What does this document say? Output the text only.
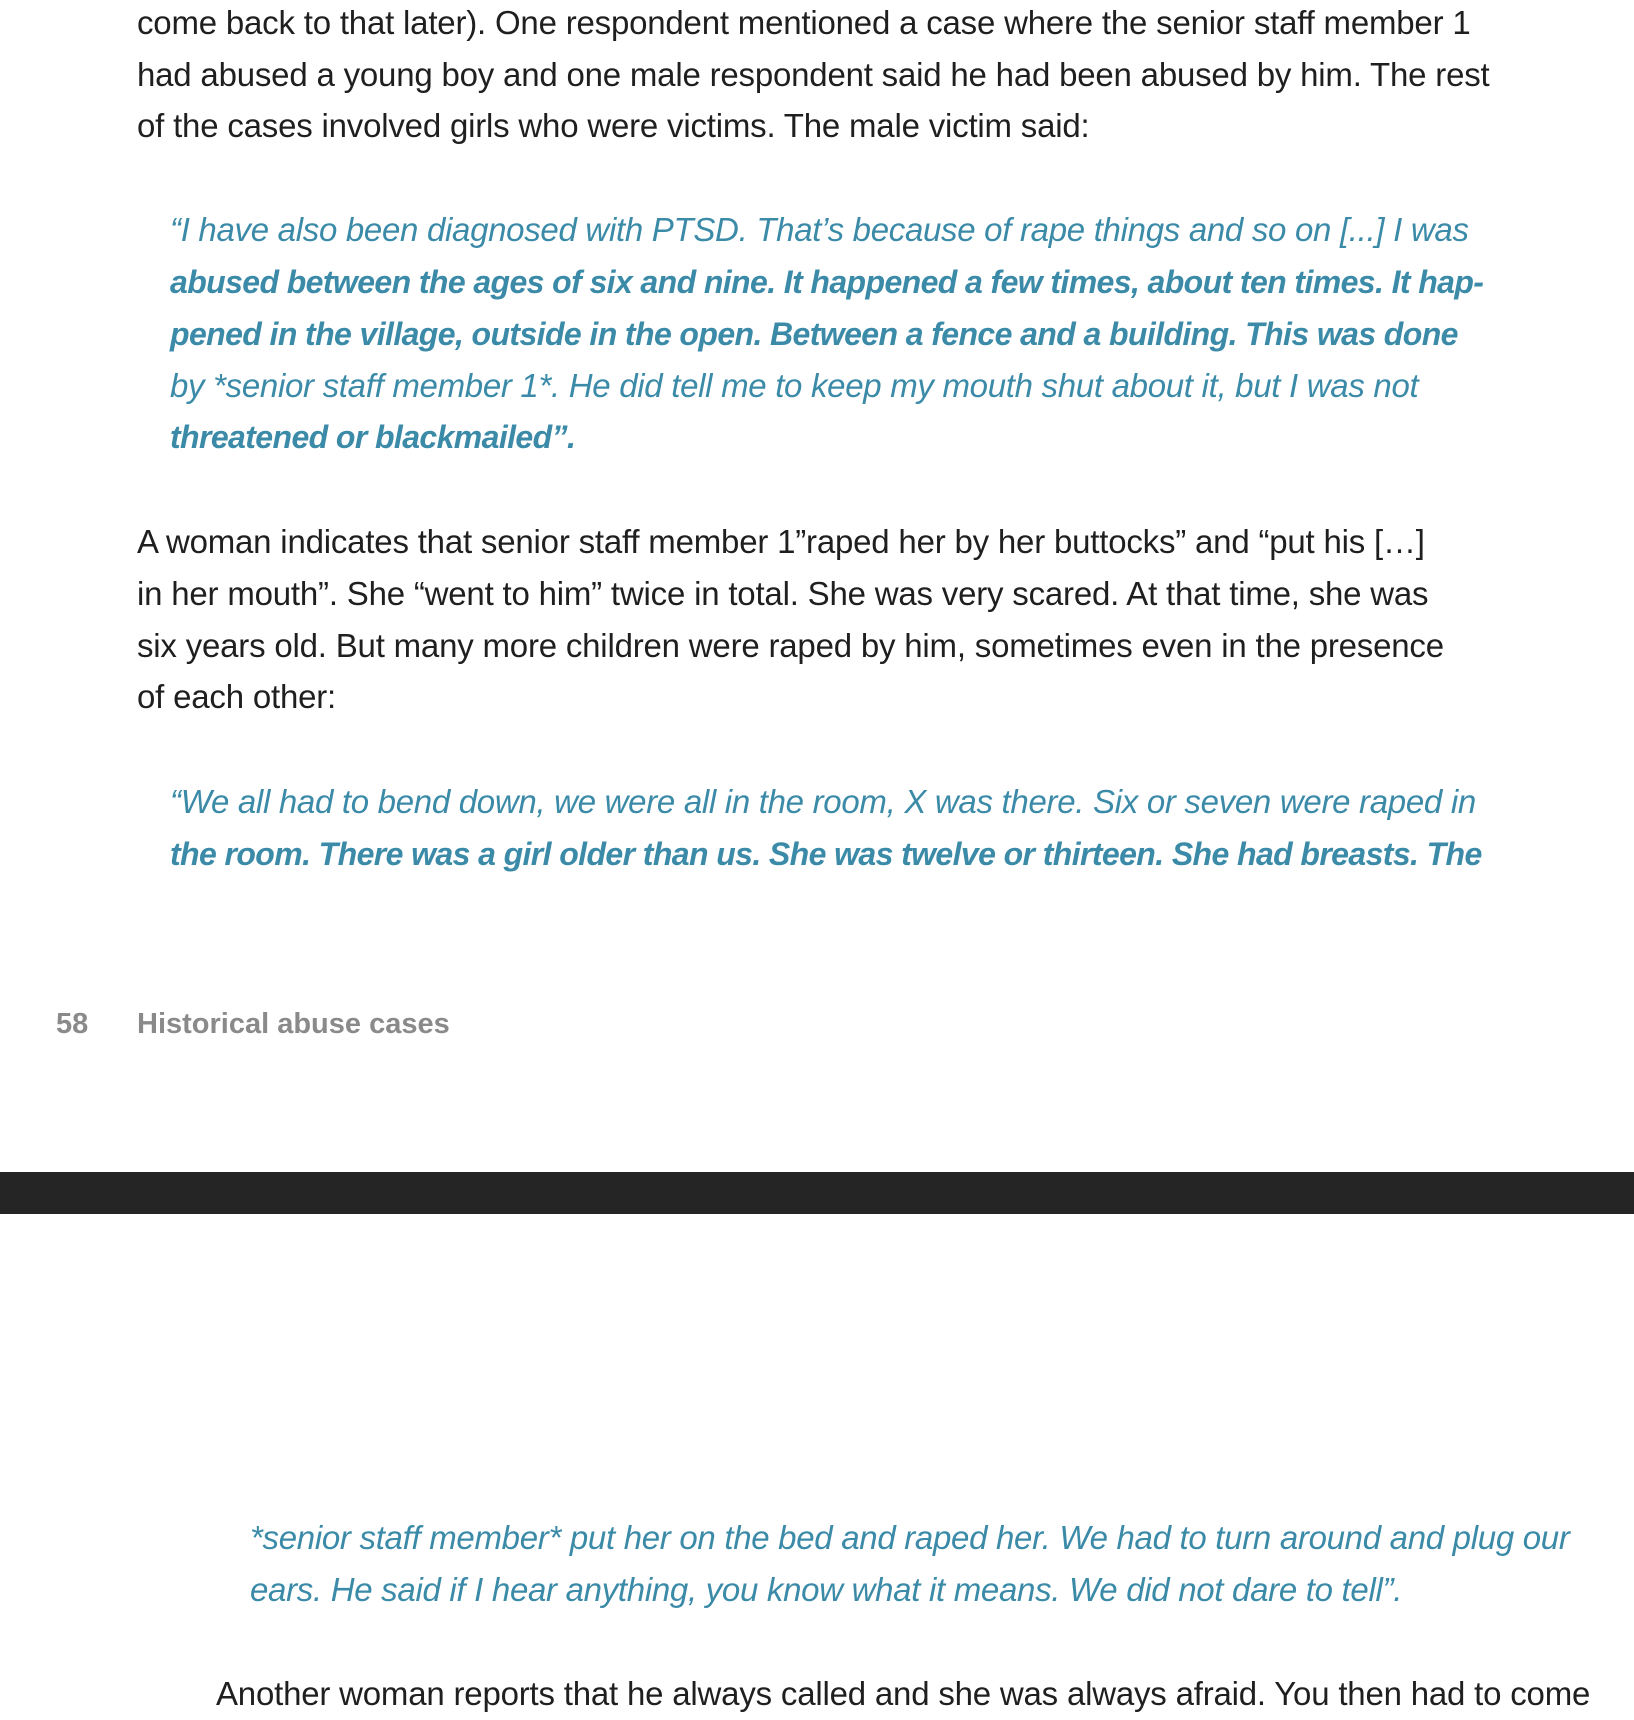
come back to that later). One respondent mentioned a case where the senior staff member 1
had abused a young boy and one male respondent said he had been abused by him. The rest
of the cases involved girls who were victims. The male victim said:
“I have also been diagnosed with PTSD. That’s because of rape things and so on [...] I was
abused between the ages of six and nine. It happened a few times, about ten times. It hap-
pened in the village, outside in the open. Between a fence and a building. This was done
by *senior staff member 1*. He did tell me to keep my mouth shut about it, but I was not
threatened or blackmailed”.
A woman indicates that senior staff member 1”raped her by her buttocks” and “put his […]
in her mouth”. She “went to him” twice in total. She was very scared. At that time, she was
six years old. But many more children were raped by him, sometimes even in the presence
of each other:
“We all had to bend down, we were all in the room, X was there. Six or seven were raped in
the room. There was a girl older than us. She was twelve or thirteen. She had breasts. The
58 Historical abuse cases
*senior staff member* put her on the bed and raped her. We had to turn around and plug our
ears. He said if I hear anything, you know what it means. We did not dare to tell”.
Another woman reports that he always called and she was always afraid. You then had to come
